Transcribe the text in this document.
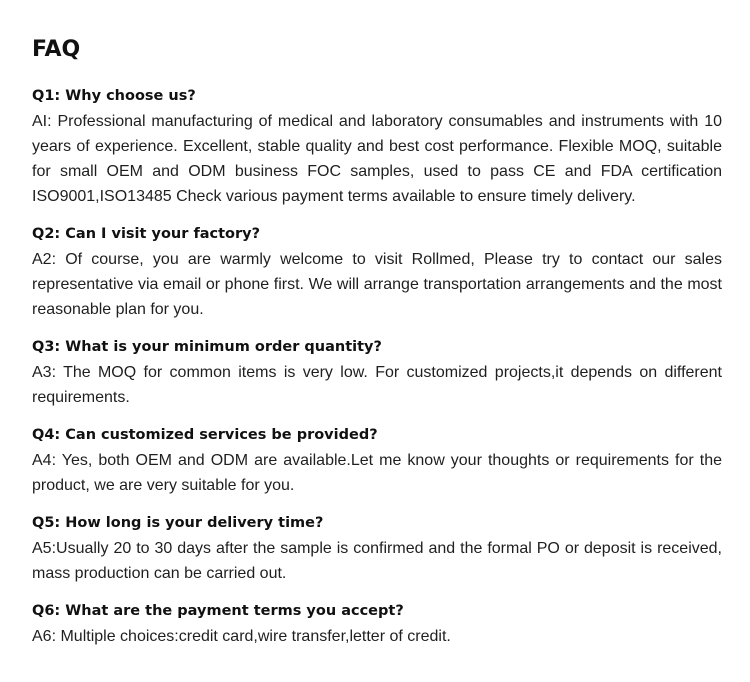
FAQ
Q1: Why choose us?

AI: Professional manufacturing of medical and laboratory consumables and instruments with 10 years of experience. Excellent, stable quality and best cost performance. Flexible MOQ, suitable for small OEM and ODM business FOC samples, used to pass CE and FDA certification ISO9001,ISO13485 Check various payment terms available to ensure timely delivery.

Q2: Can I visit your factory?

A2: Of course, you are warmly welcome to visit Rollmed, Please try to contact our sales representative via email or phone first. We will arrange transportation arrangements and the most reasonable plan for you.

Q3: What is your minimum order quantity?

A3: The MOQ for common items is very low. For customized projects,it depends on different requirements.

Q4: Can customized services be provided?

A4: Yes, both OEM and ODM are available.Let me know your thoughts or requirements for the product, we are very suitable for you.

Q5: How long is your delivery time?

A5:Usually 20 to 30 days after the sample is confirmed and the formal PO or deposit is received, mass production can be carried out.

Q6: What are the payment terms you accept?

A6: Multiple choices:credit card,wire transfer,letter of credit.
